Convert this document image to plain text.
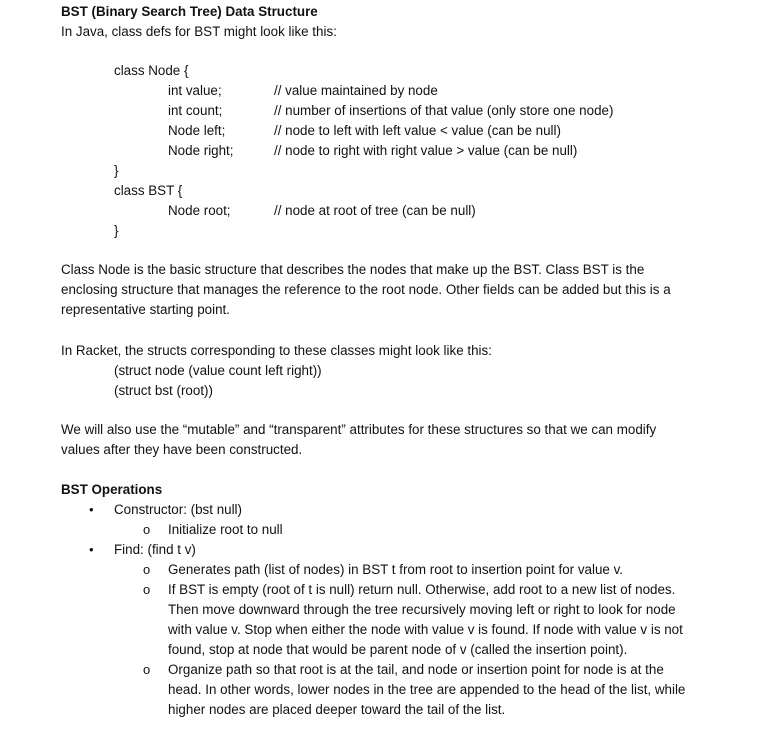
BST (Binary Search Tree) Data Structure
In Java, class defs for BST might look like this:
class Node {
int value;	// value maintained by node
int count;	// number of insertions of that value (only store one node)
Node left;	// node to left with left value < value (can be null)
Node right;	// node to right with right value > value (can be null)
}
class BST {
Node root;	// node at root of tree (can be null)
}
Class Node is the basic structure that describes the nodes that make up the BST. Class BST is the
enclosing structure that manages the reference to the root node. Other fields can be added but this is a
representative starting point.
In Racket, the structs corresponding to these classes might look like this:
(struct node (value count left right))
(struct bst (root))
We will also use the “mutable” and “transparent” attributes for these structures so that we can modify
values after they have been constructed.
BST Operations
• Constructor: (bst null)
o Initialize root to null
• Find: (find t v)
o Generates path (list of nodes) in BST t from root to insertion point for value v.
o If BST is empty (root of t is null) return null. Otherwise, add root to a new list of nodes.
Then move downward through the tree recursively moving left or right to look for node
with value v. Stop when either the node with value v is found. If node with value v is not
found, stop at node that would be parent node of v (called the insertion point).
o Organize path so that root is at the tail, and node or insertion point for node is at the
head. In other words, lower nodes in the tree are appended to the head of the list, while
higher nodes are placed deeper toward the tail of the list.
